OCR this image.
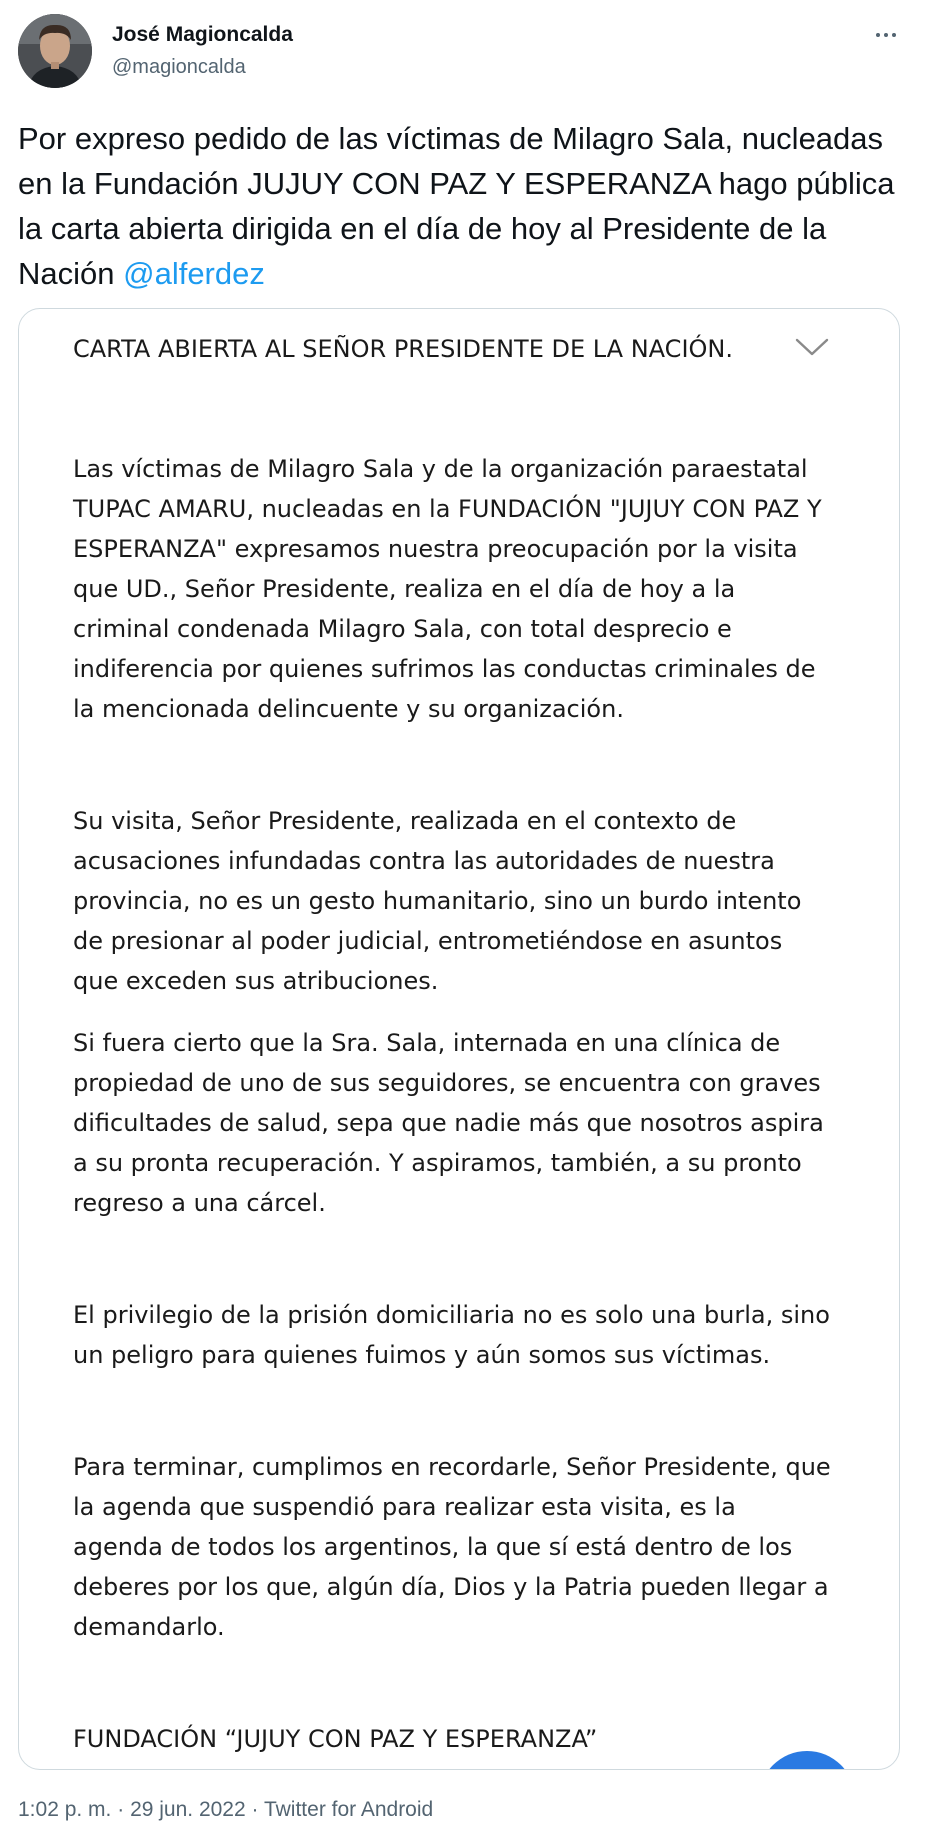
José Magioncalda
@magioncalda

Por expreso pedido de las víctimas de Milagro Sala, nucleadas en la Fundación JUJUY CON PAZ Y ESPERANZA hago pública la carta abierta dirigida en el día de hoy al Presidente de la Nación @alferdez

CARTA ABIERTA AL SEÑOR PRESIDENTE DE LA NACIÓN.

Las víctimas de Milagro Sala y de la organización paraestatal TUPAC AMARU, nucleadas en la FUNDACIÓN "JUJUY CON PAZ Y ESPERANZA" expresamos nuestra preocupación por la visita que UD., Señor Presidente, realiza en el día de hoy a la criminal condenada Milagro Sala, con total desprecio e indiferencia por quienes sufrimos las conductas criminales de la mencionada delincuente y su organización.

Su visita, Señor Presidente, realizada en el contexto de acusaciones infundadas contra las autoridades de nuestra provincia, no es un gesto humanitario, sino un burdo intento de presionar al poder judicial, entrometiéndose en asuntos que exceden sus atribuciones.

Si fuera cierto que la Sra. Sala, internada en una clínica de propiedad de uno de sus seguidores, se encuentra con graves dificultades de salud, sepa que nadie más que nosotros aspira a su pronta recuperación. Y aspiramos, también, a su pronto regreso a una cárcel.

El privilegio de la prisión domiciliaria no es solo una burla, sino un peligro para quienes fuimos y aún somos sus víctimas.

Para terminar, cumplimos en recordarle, Señor Presidente, que la agenda que suspendió para realizar esta visita, es la agenda de todos los argentinos, la que sí está dentro de los deberes por los que, algún día, Dios y la Patria pueden llegar a demandarlo.

FUNDACIÓN “JUJUY CON PAZ Y ESPERANZA”

1:02 p. m. · 29 jun. 2022 · Twitter for Android
